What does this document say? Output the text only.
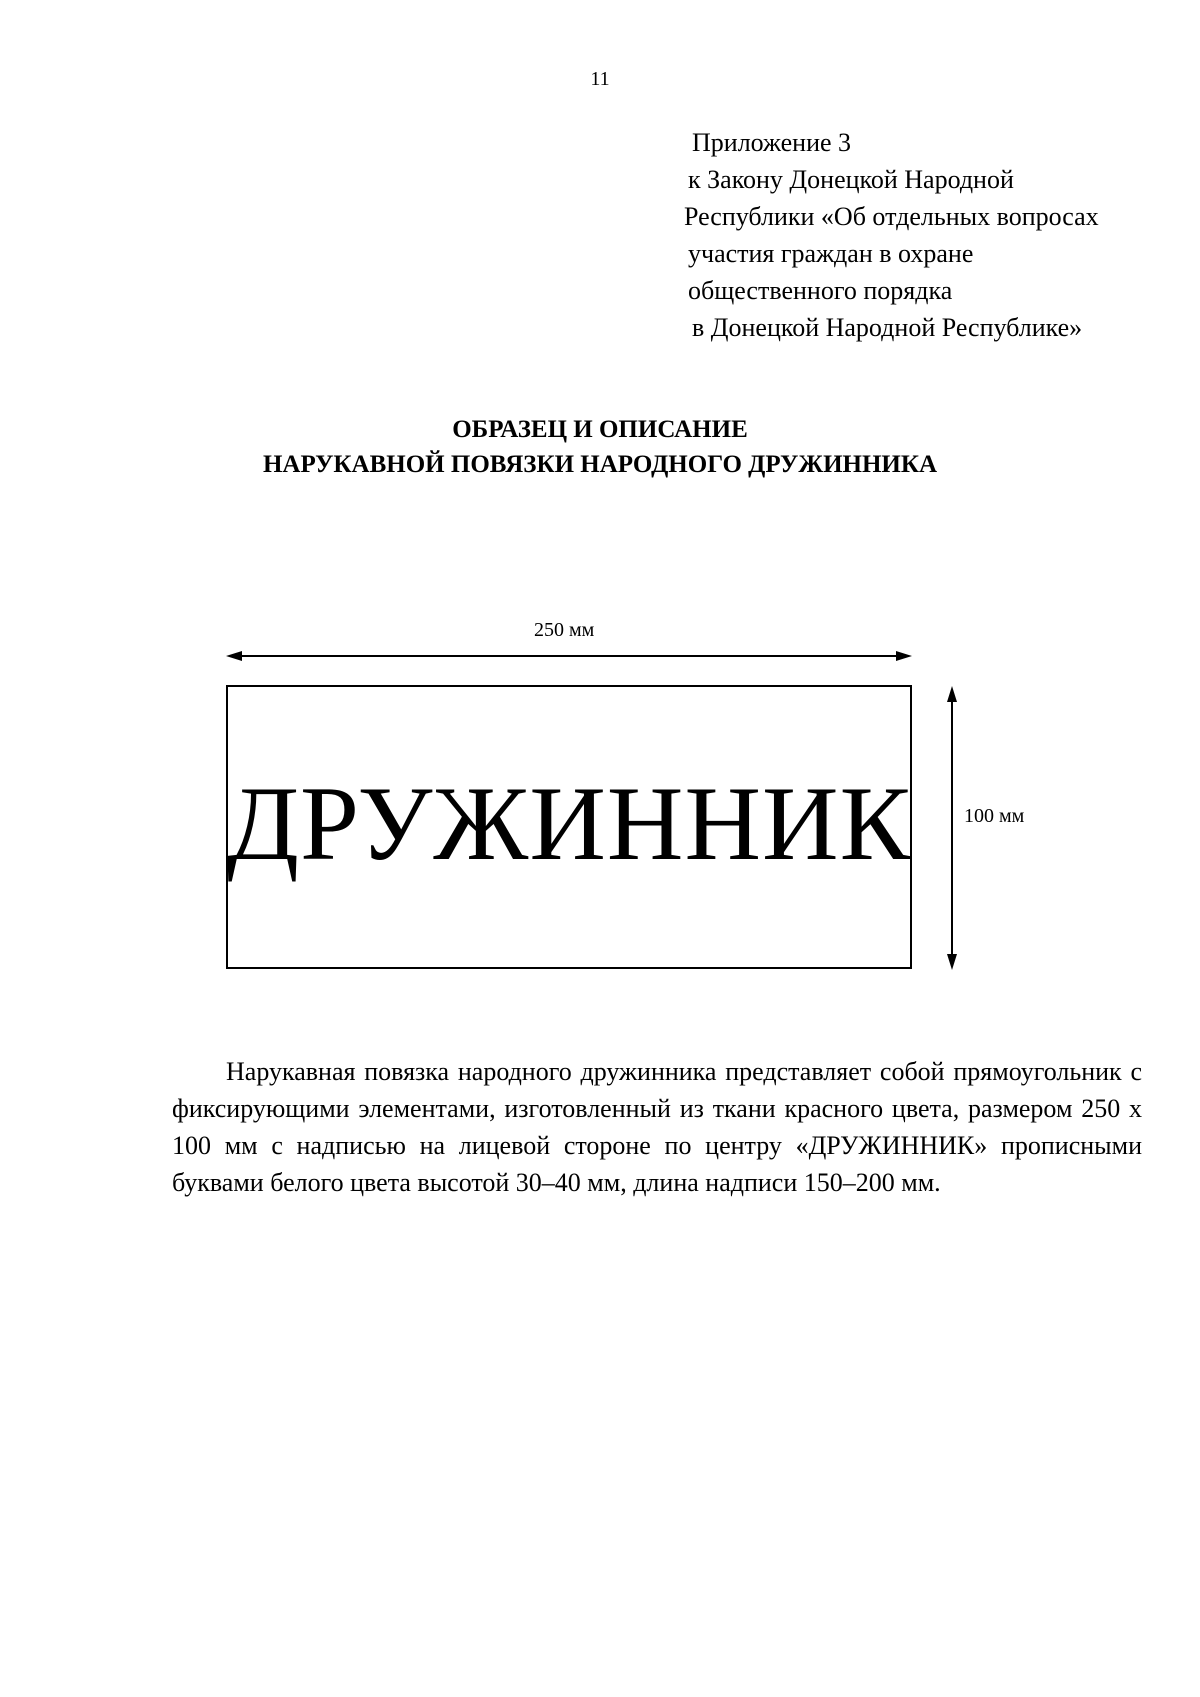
11
Приложение 3
к Закону Донецкой Народной
Республики «Об отдельных вопросах
участия граждан в охране
общественного порядка
в Донецкой Народной Республике»
ОБРАЗЕЦ И ОПИСАНИЕ
НАРУКАВНОЙ ПОВЯЗКИ НАРОДНОГО ДРУЖИННИКА
250 мм
100 мм
ДРУЖИННИК
Нарукавная повязка народного дружинника представляет собой прямоугольник с фиксирующими элементами, изготовленный из ткани красного цвета, размером 250 х 100 мм с надписью на лицевой стороне по центру «ДРУЖИННИК» прописными буквами белого цвета высотой 30–40 мм, длина надписи 150–200 мм.
